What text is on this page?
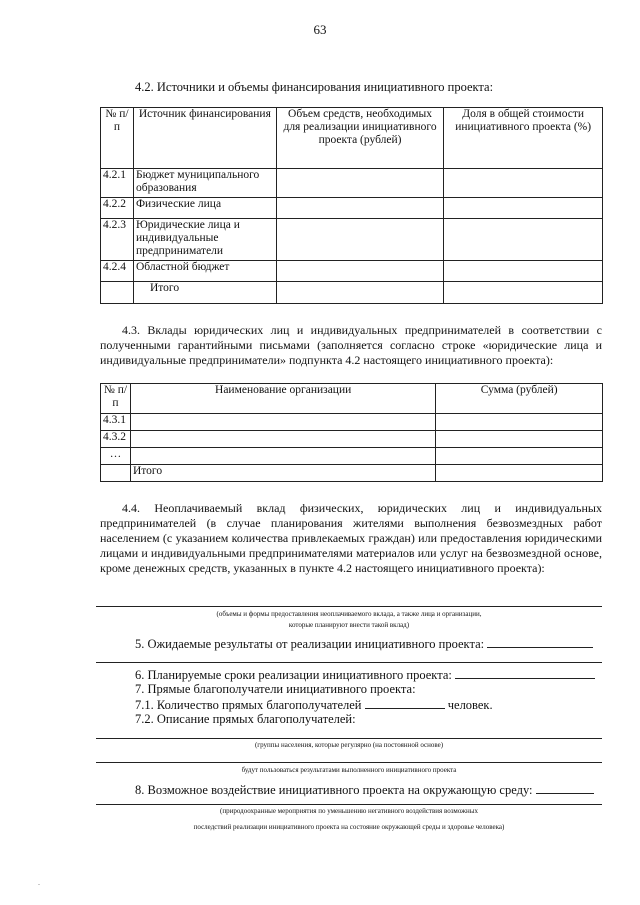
63
4.2. Источники и объемы финансирования инициативного проекта:
№ п/п	Источник финансирования	Объем средств, необходимых для реализации инициативного проекта (рублей)	Доля в общей стоимости инициативного проекта (%)
4.2.1	Бюджет муниципального образования		
4.2.2	Физические лица		
4.2.3	Юридические лица и индивидуальные предприниматели		
4.2.4	Областной бюджет		
	Итого		
4.3. Вклады юридических лиц и индивидуальных предпринимателей в соответствии с полученными гарантийными письмами (заполняется согласно строке «юридические лица и индивидуальные предприниматели» подпункта 4.2 настоящего инициативного проекта):
№ п/п	Наименование организации	Сумма (рублей)
4.3.1		
4.3.2		
…		
	Итого	
4.4. Неоплачиваемый вклад физических, юридических лиц и индивидуальных предпринимателей (в случае планирования жителями выполнения безвозмездных работ населением (с указанием количества привлекаемых граждан) или предоставления юридическими лицами и индивидуальными предпринимателями материалов или услуг на безвозмездной основе, кроме денежных средств, указанных в пункте 4.2 настоящего инициативного проекта):
(объемы и формы предоставления неоплачиваемого вклада, а также лица и организации,
которые планируют внести такой вклад)
5. Ожидаемые результаты от реализации инициативного проекта:
6. Планируемые сроки реализации инициативного проекта:
7. Прямые благополучатели инициативного проекта:
7.1. Количество прямых благополучателей	человек.
7.2. Описание прямых благополучателей:
(группы населения, которые регулярно (на постоянной основе)
будут пользоваться результатами выполненного инициативного проекта
8. Возможное воздействие инициативного проекта на окружающую среду:
(природоохранные мероприятия по уменьшению негативного воздействия возможных
последствий реализации инициативного проекта на состояние окружающей среды и здоровье человека)
.
